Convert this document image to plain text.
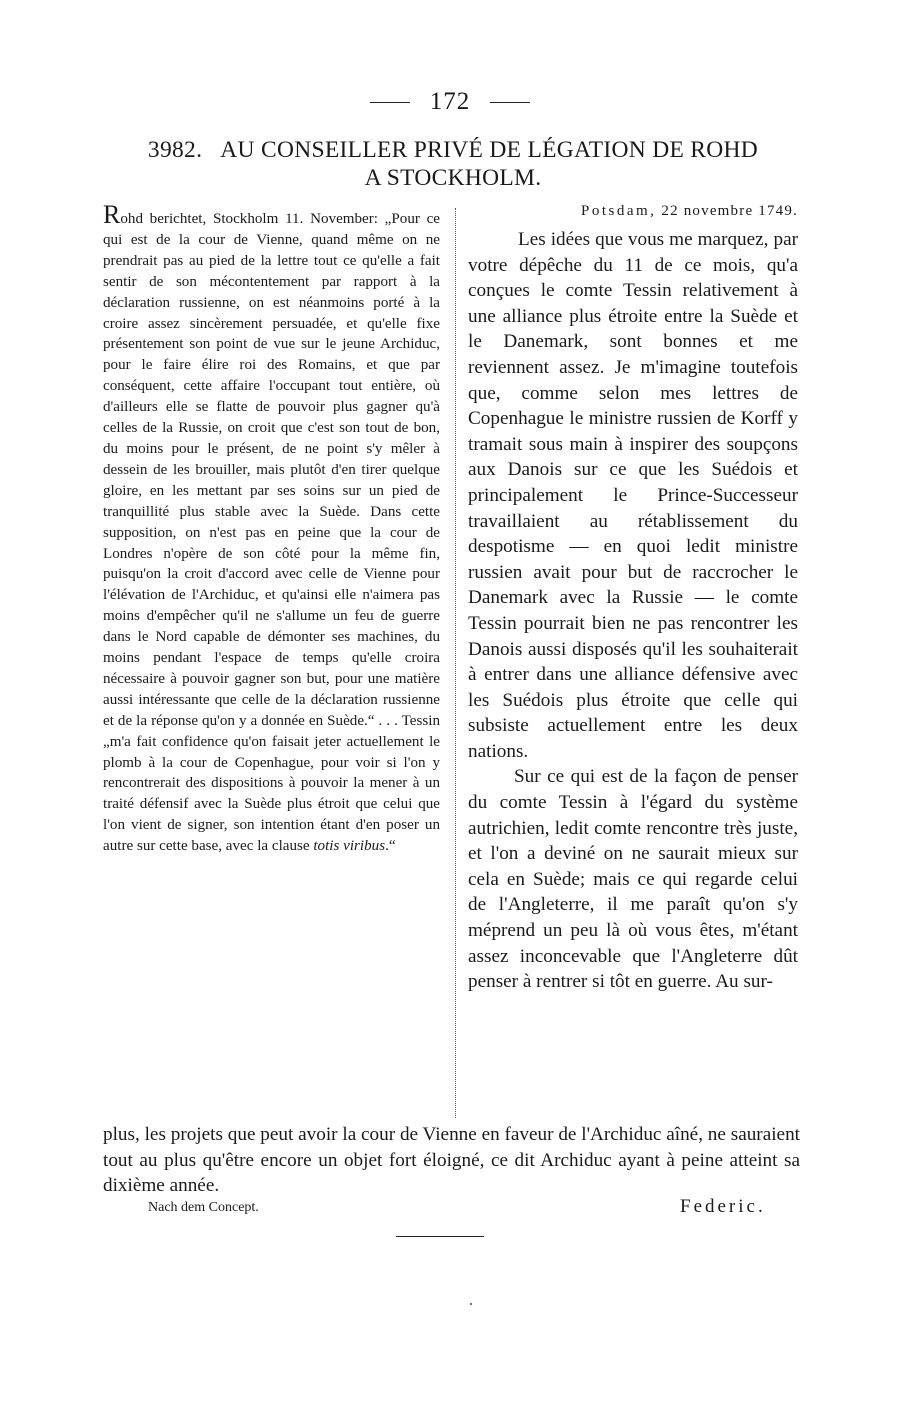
172
3982. AU CONSEILLER PRIVÉ DE LÉGATION DE ROHD
A STOCKHOLM.
Rohd berichtet, Stockholm 11. November: „Pour ce qui est de la cour de Vienne, quand même on ne prendrait pas au pied de la lettre tout ce qu'elle a fait sentir de son mécontentement par rapport à la déclaration russienne, on est néanmoins porté à la croire assez sincèrement persuadée, et qu'elle fixe présentement son point de vue sur le jeune Archiduc, pour le faire élire roi des Romains, et que par conséquent, cette affaire l'occupant tout entière, où d'ailleurs elle se flatte de pouvoir plus gagner qu'à celles de la Russie, on croit que c'est son tout de bon, du moins pour le présent, de ne point s'y mêler à dessein de les brouiller, mais plutôt d'en tirer quelque gloire, en les mettant par ses soins sur un pied de tranquillité plus stable avec la Suède. Dans cette supposition, on n'est pas en peine que la cour de Londres n'opère de son côté pour la même fin, puisqu'on la croit d'accord avec celle de Vienne pour l'élévation de l'Archiduc, et qu'ainsi elle n'aimera pas moins d'empêcher qu'il ne s'allume un feu de guerre dans le Nord capable de démonter ses machines, du moins pendant l'espace de temps qu'elle croira nécessaire à pouvoir gagner son but, pour une matière aussi intéressante que celle de la déclaration russienne et de la réponse qu'on y a donnée en Suède.“ . . . Tessin „m'a fait confidence qu'on faisait jeter actuellement le plomb à la cour de Copenhague, pour voir si l'on y rencontrerait des dispositions à pouvoir la mener à un traité défensif avec la Suède plus étroit que celui que l'on vient de signer, son intention étant d'en poser un autre sur cette base, avec la clause totis viribus.“
Potsdam, 22 novembre 1749.

Les idées que vous me marquez, par votre dépêche du 11 de ce mois, qu'a conçues le comte Tessin relativement à une alliance plus étroite entre la Suède et le Danemark, sont bonnes et me reviennent assez. Je m'imagine toutefois que, comme selon mes lettres de Copenhague le ministre russien de Korff y tramait sous main à inspirer des soupçons aux Danois sur ce que les Suédois et principalement le Prince-Successeur travaillaient au rétablissement du despotisme — en quoi ledit ministre russien avait pour but de raccrocher le Danemark avec la Russie — le comte Tessin pourrait bien ne pas rencontrer les Danois aussi disposés qu'il les souhaiterait à entrer dans une alliance défensive avec les Suédois plus étroite que celle qui subsiste actuellement entre les deux nations.

Sur ce qui est de la façon de penser du comte Tessin à l'égard du système autrichien, ledit comte rencontre très juste, et l'on a deviné on ne saurait mieux sur cela en Suède; mais ce qui regarde celui de l'Angleterre, il me paraît qu'on s'y méprend un peu là où vous êtes, m'étant assez inconcevable que l'Angleterre dût penser à rentrer si tôt en guerre. Au sur-

plus, les projets que peut avoir la cour de Vienne en faveur de l'Archiduc aîné, ne sauraient tout au plus qu'être encore un objet fort éloigné, ce dit Archiduc ayant à peine atteint sa dixième année.

Nach dem Concept.	Federic.
